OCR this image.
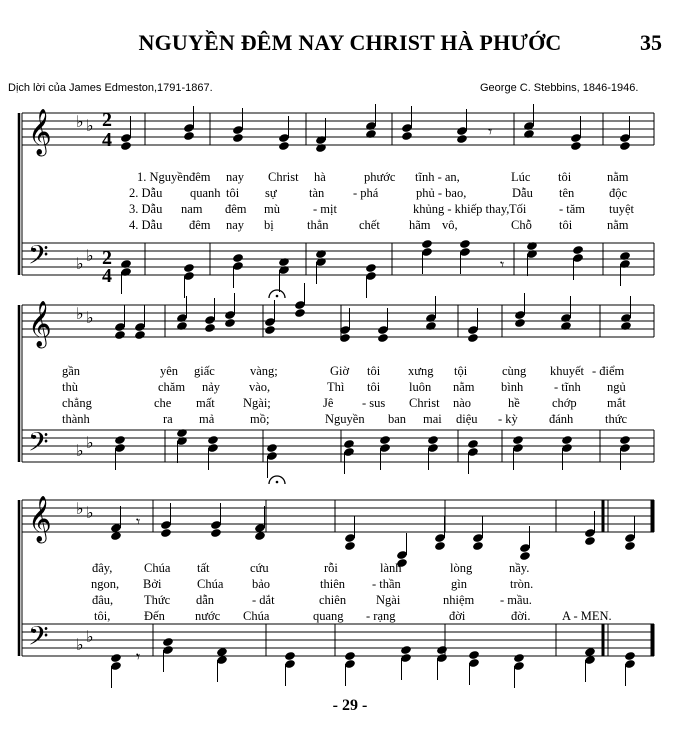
NGUYỀN ĐÊM NAY CHRIST HÀ PHƯỚC	35
Dịch lời của James Edmeston,1791-1867.	George C. Stebbins, 1846-1946.
2
4
2
4
𝄞
𝄢
♭ ♭
♭ ♭
𝄞
𝄢
♭ ♭
♭ ♭
𝄞
𝄢
♭ ♭
♭ ♭
𝄾
𝄾
𝄾
𝄾
1. Nguyền đêm nay Christ hà	phước tĩnh - an,	Lúc tôi	nằm
2. Dẫu quanh tôi sự	tàn - phá	phủ - bao,	Dẫu tên	độc
3. Dẫu nam đêm mù	- mịt	khủng - khiếp thay, Tối	- tăm tuyệt
4. Dẫu đêm nay bị	thẳn chết hãm vô,	Chỗ tôi	nằm
gần	yên giấc	vàng;	Giờ tôi xưng tội	cùng khuyết - điểm
thù	chăm nảy vào,	Thì tôi luôn nằm bình - tĩnh ngủ
chẳng	che mất Ngài;	Jê - sus Christ nào	hề	chớp mắt
thành	ra mả	mồ;	Nguyền ban mai diệu - kỳ đánh	thức
đây,	Chúa tất	cứu	rỗi	lành	lòng	nầy.
ngon, Bởi	Chúa bảo	thiên - thần	gìn	tròn.
đâu, Thức dẫn	- dắt	chiên Ngài	nhiệm - mầu.
tôi,	Đến nước Chúa	quang - rạng	đời	đời.	A - MEN.
- 29 -
